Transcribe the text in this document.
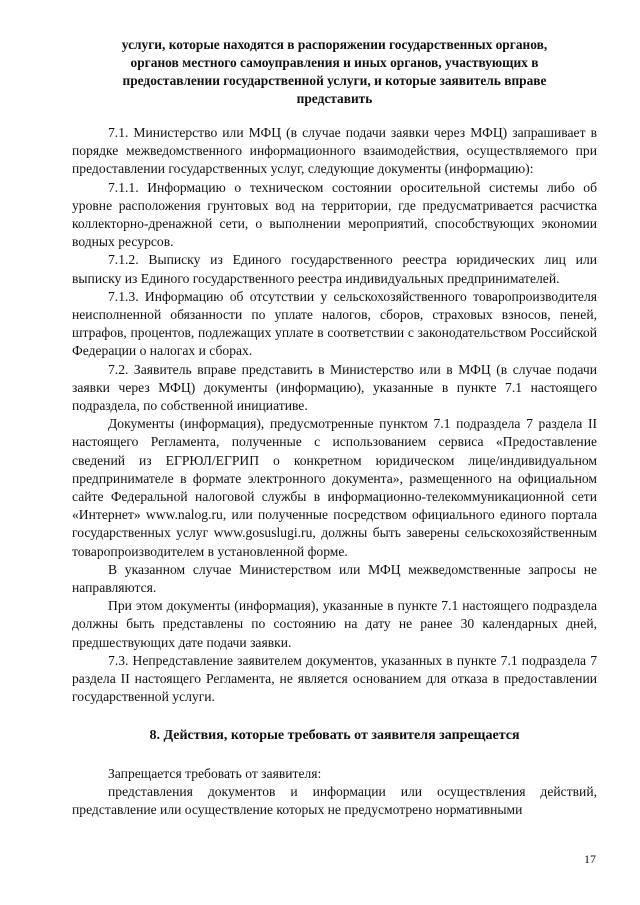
услуги, которые находятся в распоряжении государственных органов,
органов местного самоуправления и иных органов, участвующих в
предоставлении государственной услуги, и которые заявитель вправе
представить

7.1. Министерство или МФЦ (в случае подачи заявки через МФЦ) запрашивает в порядке межведомственного информационного взаимодействия, осуществляемого при предоставлении государственных услуг, следующие документы (информацию):

7.1.1. Информацию о техническом состоянии оросительной системы либо об уровне расположения грунтовых вод на территории, где предусматривается расчистка коллекторно-дренажной сети, о выполнении мероприятий, способствующих экономии водных ресурсов.

7.1.2. Выписку из Единого государственного реестра юридических лиц или выписку из Единого государственного реестра индивидуальных предпринимателей.

7.1.3. Информацию об отсутствии у сельскохозяйственного товаропроизводителя неисполненной обязанности по уплате налогов, сборов, страховых взносов, пеней, штрафов, процентов, подлежащих уплате в соответствии с законодательством Российской Федерации о налогах и сборах.

7.2. Заявитель вправе представить в Министерство или в МФЦ (в случае подачи заявки через МФЦ) документы (информацию), указанные в пункте 7.1 настоящего подраздела, по собственной инициативе.

Документы (информация), предусмотренные пунктом 7.1 подраздела 7 раздела II настоящего Регламента, полученные с использованием сервиса «Предоставление сведений из ЕГРЮЛ/ЕГРИП о конкретном юридическом лице/индивидуальном предпринимателе в формате электронного документа», размещенного на официальном сайте Федеральной налоговой службы в информационно-телекоммуникационной сети «Интернет» www.nalog.ru, или полученные посредством официального единого портала государственных услуг www.gosuslugi.ru, должны быть заверены сельскохозяйственным товаропроизводителем в установленной форме.

В указанном случае Министерством или МФЦ межведомственные запросы не направляются.

При этом документы (информация), указанные в пункте 7.1 настоящего подраздела должны быть представлены по состоянию на дату не ранее 30 календарных дней, предшествующих дате подачи заявки.

7.3. Непредставление заявителем документов, указанных в пункте 7.1 подраздела 7 раздела II настоящего Регламента, не является основанием для отказа в предоставлении государственной услуги.

8. Действия, которые требовать от заявителя запрещается

Запрещается требовать от заявителя:

представления документов и информации или осуществления действий, представление или осуществление которых не предусмотрено нормативными

17
